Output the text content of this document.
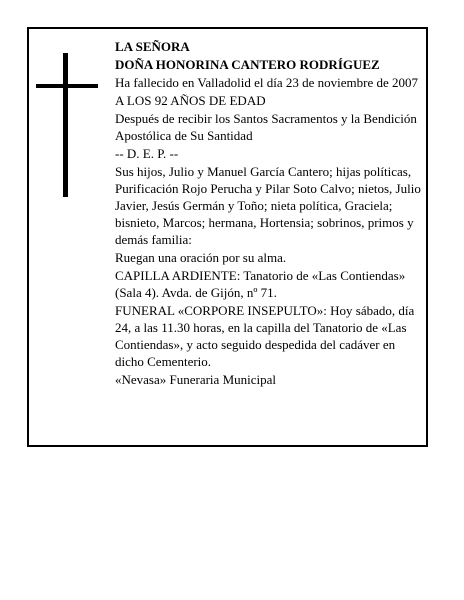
LA SEÑORA

DOÑA HONORINA CANTERO RODRÍGUEZ

Ha fallecido en Valladolid el día 23 de noviembre de 2007

A LOS 92 AÑOS DE EDAD

Después de recibir los Santos Sacramentos y la Bendición Apostólica de Su Santidad

-- D. E. P. --

Sus hijos, Julio y Manuel García Cantero; hijas políticas, Purificación Rojo Perucha y Pilar Soto Calvo; nietos, Julio Javier, Jesús Germán y Toño; nieta política, Graciela; bisnieto, Marcos; hermana, Hortensia; sobrinos, primos y demás familia:

Ruegan una oración por su alma.

CAPILLA ARDIENTE: Tanatorio de «Las Contiendas» (Sala 4). Avda. de Gijón, nº 71.

FUNERAL «CORPORE INSEPULTO»: Hoy sábado, día 24, a las 11.30 horas, en la capilla del Tanatorio de «Las Contiendas», y acto seguido despedida del cadáver en dicho Cementerio.

«Nevasa» Funeraria Municipal
